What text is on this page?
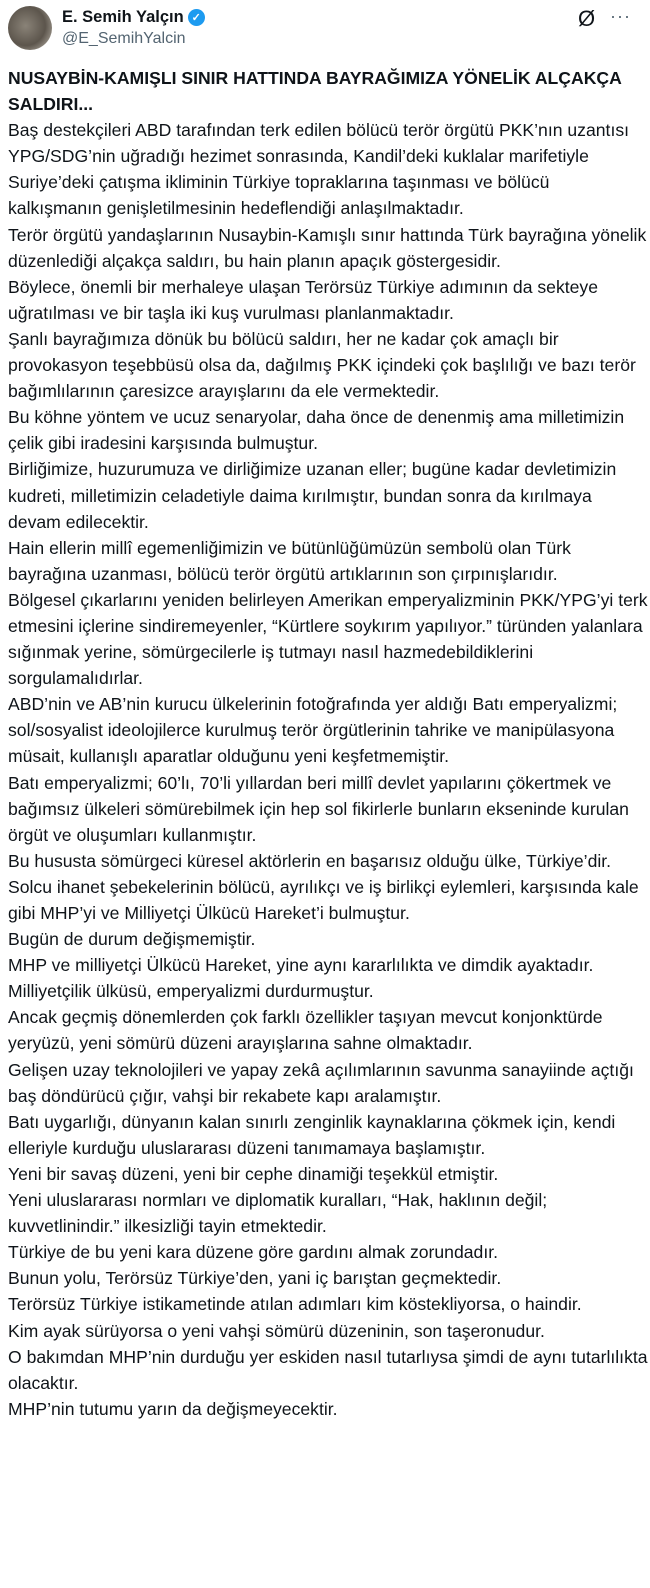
E. Semih Yalçın ✓
@E_SemihYalcin
Ø ···

NUSAYBİN-KAMIŞLI SINIR HATTINDA BAYRAĞIMIZA YÖNELİK ALÇAKÇA SALDIRI...

Baş destekçileri ABD tarafından terk edilen bölücü terör örgütü PKK’nın uzantısı YPG/SDG’nin uğradığı hezimet sonrasında, Kandil’deki kuklalar marifetiyle Suriye’deki çatışma ikliminin Türkiye topraklarına taşınması ve bölücü kalkışmanın genişletilmesinin hedeflendiği anlaşılmaktadır.

Terör örgütü yandaşlarının Nusaybin-Kamışlı sınır hattında Türk bayrağına yönelik düzenlediği alçakça saldırı, bu hain planın apaçık göstergesidir.

Böylece, önemli bir merhaleye ulaşan Terörsüz Türkiye adımının da sekteye uğratılması ve bir taşla iki kuş vurulması planlanmaktadır.

Şanlı bayrağımıza dönük bu bölücü saldırı, her ne kadar çok amaçlı bir provokasyon teşebbüsü olsa da, dağılmış PKK içindeki çok başlılığı ve bazı terör bağımlılarının çaresizce arayışlarını da ele vermektedir.

Bu köhne yöntem ve ucuz senaryolar, daha önce de denenmiş ama milletimizin çelik gibi iradesini karşısında bulmuştur.

Birliğimize, huzurumuza ve dirliğimize uzanan eller; bugüne kadar devletimizin kudreti, milletimizin celadetiyle daima kırılmıştır, bundan sonra da kırılmaya devam edilecektir.

Hain ellerin millî egemenliğimizin ve bütünlüğümüzün sembolü olan Türk bayrağına uzanması, bölücü terör örgütü artıklarının son çırpınışlarıdır.

Bölgesel çıkarlarını yeniden belirleyen Amerikan emperyalizminin PKK/YPG’yi terk etmesini içlerine sindiremeyenler, “Kürtlere soykırım yapılıyor.” türünden yalanlara sığınmak yerine, sömürgecilerle iş tutmayı nasıl hazmedebildiklerini sorgulamalıdırlar.

ABD’nin ve AB’nin kurucu ülkelerinin fotoğrafında yer aldığı Batı emperyalizmi; sol/sosyalist ideolojilerce kurulmuş terör örgütlerinin tahrike ve manipülasyona müsait, kullanışlı aparatlar olduğunu yeni keşfetmemiştir.

Batı emperyalizmi; 60’lı, 70’li yıllardan beri millî devlet yapılarını çökertmek ve bağımsız ülkeleri sömürebilmek için hep sol fikirlerle bunların ekseninde kurulan örgüt ve oluşumları kullanmıştır.

Bu hususta sömürgeci küresel aktörlerin en başarısız olduğu ülke, Türkiye’dir.

Solcu ihanet şebekelerinin bölücü, ayrılıkçı ve iş birlikçi eylemleri, karşısında kale gibi MHP’yi ve Milliyetçi Ülkücü Hareket’i bulmuştur.

Bugün de durum değişmemiştir.

MHP ve milliyetçi Ülkücü Hareket, yine aynı kararlılıkta ve dimdik ayaktadır.

Milliyetçilik ülküsü, emperyalizmi durdurmuştur.

Ancak geçmiş dönemlerden çok farklı özellikler taşıyan mevcut konjonktürde yeryüzü, yeni sömürü düzeni arayışlarına sahne olmaktadır.

Gelişen uzay teknolojileri ve yapay zekâ açılımlarının savunma sanayiinde açtığı baş döndürücü çığır, vahşi bir rekabete kapı aralamıştır.

Batı uygarlığı, dünyanın kalan sınırlı zenginlik kaynaklarına çökmek için, kendi elleriyle kurduğu uluslararası düzeni tanımamaya başlamıştır.

Yeni bir savaş düzeni, yeni bir cephe dinamiği teşekkül etmiştir.

Yeni uluslararası normları ve diplomatik kuralları, “Hak, haklının değil; kuvvetlinindir.” ilkesizliği tayin etmektedir.

Türkiye de bu yeni kara düzene göre gardını almak zorundadır.

Bunun yolu, Terörsüz Türkiye’den, yani iç barıştan geçmektedir.

Terörsüz Türkiye istikametinde atılan adımları kim köstekliyorsa, o haindir.

Kim ayak sürüyorsa o yeni vahşi sömürü düzeninin, son taşeronudur.

O bakımdan MHP’nin durduğu yer eskiden nasıl tutarlıysa şimdi de aynı tutarlılıkta olacaktır.

MHP’nin tutumu yarın da değişmeyecektir.
